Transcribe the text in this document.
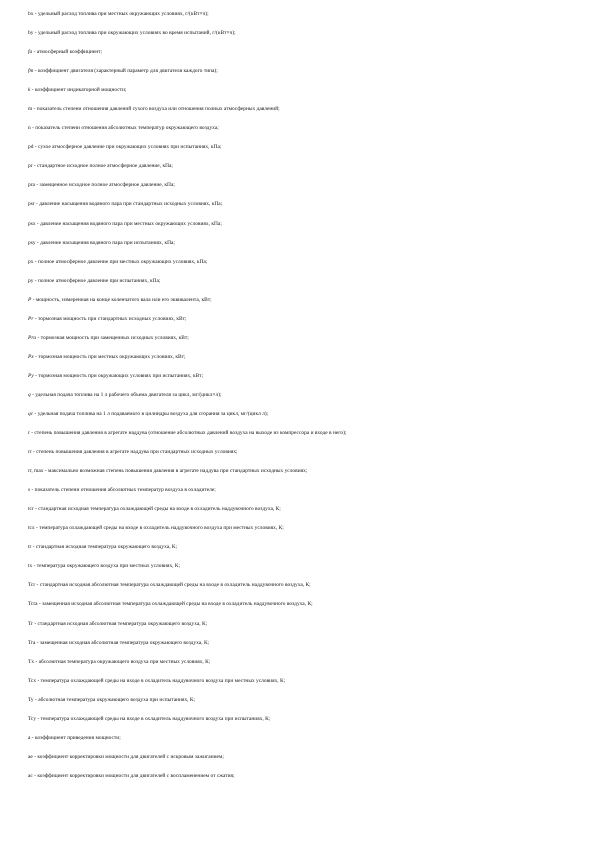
bx - удельный расход топлива при местных окружающих условиях, г/(кВт×ч);
by - удельный расход топлива при окружающих условиях во время испытаний, г/(кВт×ч);
fa - атмосферный коэффициент;
fm - коэффициент двигателя (характерный параметр для двигателя каждого типа);
k - коэффициент индикаторной мощности;
m - показатель степени отношения давлений сухого воздуха или отношения полных атмосферных давлений;
n - показатель степени отношения абсолютных температур окружающего воздуха;
pd - сухое атмосферное давление при окружающих условиях при испытаниях, кПа;
pr - стандартное исходное полное атмосферное давление, кПа;
pra - замещенное исходное полное атмосферное давление, кПа;
psr - давление насыщения водяного пара при стандартных исходных условиях, кПа;
psx - давление насыщения водяного пара при местных окружающих условиях, кПа;
psy - давление насыщения водяного пара при испытаниях, кПа;
px - полное атмосферное давление при местных окружающих условиях, кПа;
py - полное атмосферное давление при испытаниях, кПа;
P - мощность, измеренная на конце коленчатого вала или его эквивалента, кВт;
Pr - тормозная мощность при стандартных исходных условиях, кВт;
Pra - тормозная мощность при замещенных исходных условиях, кВт;
Px - тормозная мощность при местных окружающих условиях, кВт;
Py - тормозная мощность при окружающих условиях при испытаниях, кВт;
q - удельная подача топлива на 1 л рабочего объема двигателя за цикл, мг/(цикл×л);
qc - удельная подача топлива на 1 л подаваемого в цилиндры воздуха для сгорания за цикл, мг/(цикл л);
r - степень повышения давления в агрегате наддува (отношение абсолютных давлений воздуха на выходе из компрессора и входе в него);
rr - степень повышения давления в агрегате наддува при стандартных исходных условиях;
rr, max - максимально возможная степень повышения давления в агрегате наддува при стандартных исходных условиях;
s - показатель степени отношения абсолютных температур воздуха в охладителе;
tcr - стандартная исходная температура охлаждающей среды на входе в охладитель наддувочного воздуха, К;
tcx - температура охлаждающей среды на входе в охладитель наддувочного воздуха при местных условиях, К;
tr - стандартная исходная температура окружающего воздуха, К;
tx - температура окружающего воздуха при местных условиях, К;
Tcr - стандартная исходная абсолютная температура охлаждающей среды на входе в охладитель наддувочного воздуха, К;
Tcra - замещенная исходная абсолютная температура охлаждающей среды на входе в охладитель наддувочного воздуха, К;
Tr - стандартная исходная абсолютная температура окружающего воздуха, К;
Tra - замещенная исходная абсолютная температура окружающего воздуха, К;
Tx - абсолютная температура окружающего воздуха при местных условиях, К;
Tcx - температура охлаждающей среды на входе в охладитель наддувочного воздуха при местных условиях, К;
Ty - абсолютная температура окружающего воздуха при испытаниях, К;
Tcy - температура охлаждающей среды на входе в охладитель наддувочного воздуха при испытаниях, К;
a - коэффициент приведения мощности;
ae - коэффициент корректировки мощности для двигателей с искровым зажиганием;
ac - коэффициент корректировки мощности для двигателей с воспламенением от сжатия;
